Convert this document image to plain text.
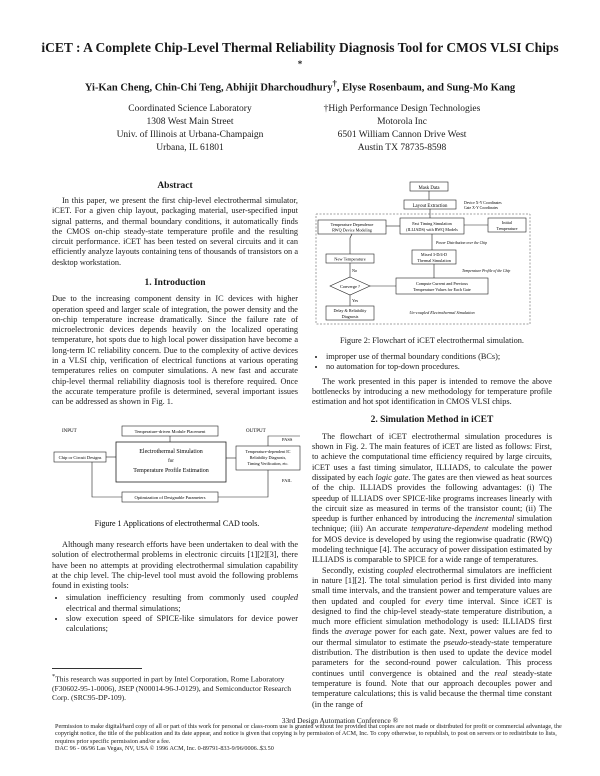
iCET : A Complete Chip-Level Thermal Reliability Diagnosis Tool for CMOS VLSI Chips *
Yi-Kan Cheng, Chin-Chi Teng, Abhijit Dharchoudhury†, Elyse Rosenbaum, and Sung-Mo Kang
Coordinated Science Laboratory
1308 West Main Street
Univ. of Illinois at Urbana-Champaign
Urbana, IL 61801
†High Performance Design Technologies
Motorola Inc
6501 William Cannon Drive West
Austin TX 78735-8598
Abstract

In this paper, we present the first chip-level electrothermal simulator, iCET. For a given chip layout, packaging material, user-specified input signal patterns, and thermal boundary conditions, it automatically finds the CMOS on-chip steady-state temperature profile and the resulting circuit performance. iCET has been tested on several circuits and it can efficiently analyze layouts containing tens of thousands of transistors on a desktop workstation.

1. Introduction

Due to the increasing component density in IC devices with higher operation speed and larger scale of integration, the power density and the on-chip temperature increase dramatically. Since the failure rate of microelectronic devices depends heavily on the localized operating temperature, hot spots due to high local power dissipation have become a long-term IC reliability concern. Due to the complexity of active devices in a VLSI chip, verification of electrical functions at various operating temperatures relies on computer simulations. A new fast and accurate chip-level thermal reliability diagnosis tool is therefore required. Once the accurate temperature profile is determined, several important issues can be addressed as shown in Fig. 1.

INPUT	OUTPUT
Temperature-driven Module Placement
Chip or Circuit Designs
Electrothermal Simulation
for
Temperature Profile Estimation
Temperature-dependent IC
Reliability Diagnosis,
Timing Verification, etc.
PASS
FAIL
Optimization of Designable Parameters
Figure 1 Applications of electrothermal CAD tools.

Although many research efforts have been undertaken to deal with the solution of electrothermal problems in electronic circuits [1][2][3], there have been no attempts at providing electrothermal simulation capability at the chip level. The chip-level tool must avoid the following problems found in existing tools:

• simulation inefficiency resulting from commonly used coupled electrical and thermal simulations;
• slow execution speed of SPICE-like simulators for device power calculations;
*This research was supported in part by Intel Corporation, Rome Laboratory (F30602-95-1-0006), JSEP (N00014-96-J-0129), and Semiconductor Research Corp. (SRC95-DP-109).
Mask Data
Layout Extraction
Device X-Y Coordinates
Gate X-Y Coordinates
Temperature Dependence
RWQ Device Modeling
Fast Timing Simulation
(ILLIADS) with RWQ Models
Initial
Temperature
Power Distribution over the Chip
Mixed 3-D/4-D
Thermal Simulation
New Temperature
Temperature Profile of the Chip
No
Converge ?
Compute Current and Previous
Temperature Values for Each Gate
Yes
Delay & Reliability
Diagnosis
Un-coupled Electrothermal Simulation
Figure 2: Flowchart of iCET electrothermal simulation.
• improper use of thermal boundary conditions (BCs);
• no automation for top-down procedures.

The work presented in this paper is intended to remove the above bottlenecks by introducing a new methodology for temperature profile estimation and hot spot identification in CMOS VLSI chips.

2. Simulation Method in iCET

The flowchart of iCET electrothermal simulation procedures is shown in Fig. 2. The main features of iCET are listed as follows: First, to achieve the computational time efficiency required by large circuits, iCET uses a fast timing simulator, ILLIADS, to calculate the power dissipated by each logic gate. The gates are then viewed as heat sources of the chip. ILLIADS provides the following advantages: (i) The speedup of ILLIADS over SPICE-like programs increases linearly with the circuit size as measured in terms of the transistor count; (ii) The speedup is further enhanced by introducing the incremental simulation technique; (iii) An accurate temperature-dependent modeling method for MOS device is developed by using the regionwise quadratic (RWQ) modeling technique [4]. The accuracy of power dissipation estimated by ILLIADS is comparable to SPICE for a wide range of temperatures.

Secondly, existing coupled electrothermal simulators are inefficient in nature [1][2]. The total simulation period is first divided into many small time intervals, and the transient power and temperature values are then updated and coupled for every time interval. Since iCET is designed to find the chip-level steady-state temperature distribution, a much more efficient simulation methodology is used: ILLIADS first finds the average power for each gate. Next, power values are fed to our thermal simulator to estimate the pseudo-steady-state temperature distribution. The distribution is then used to update the device model parameters for the second-round power calculation. This process continues until convergence is obtained and the real steady-state temperature is found. Note that our approach decouples power and temperature calculations; this is valid because the thermal time constant (in the range of

33rd Design Automation Conference ®
Permission to make digital/hard copy of all or part of this work for personal or class-room use is granted without fee provided that copies are not made or distributed for profit or commercial advantage, the copyright notice, the title of the publication and its date appear, and notice is given that copying is by permission of ACM, Inc. To copy otherwise, to republish, to post on servers or to redistribute to lists, requires prior specific permission and/or a fee.
DAC 96 - 06/96 Las Vegas, NV, USA © 1996 ACM, Inc. 0-89791-833-9/96/0006..$3.50
